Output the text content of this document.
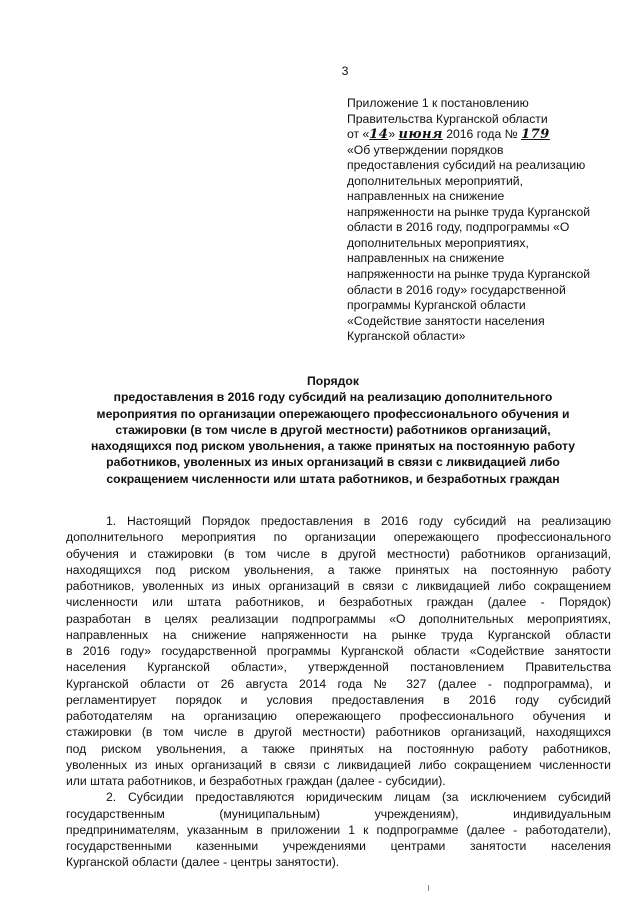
3
Приложение 1 к постановлению
Правительства Курганской области
от «14» июня 2016 года № 179
«Об утверждении порядков
предоставления субсидий на реализацию
дополнительных мероприятий,
направленных на снижение
напряженности на рынке труда Курганской
области в 2016 году, подпрограммы «О
дополнительных мероприятиях,
направленных на снижение
напряженности на рынке труда Курганской
области в 2016 году» государственной
программы Курганской области
«Содействие занятости населения
Курганской области»
Порядок
предоставления в 2016 году субсидий на реализацию дополнительного
мероприятия по организации опережающего профессионального обучения и
стажировки (в том числе в другой местности) работников организаций,
находящихся под риском увольнения, а также принятых на постоянную работу
работников, уволенных из иных организаций в связи с ликвидацией либо
сокращением численности или штата работников, и безработных граждан
1. Настоящий Порядок предоставления в 2016 году субсидий на реализацию
дополнительного мероприятия по организации опережающего профессионального
обучения и стажировки (в том числе в другой местности) работников организаций,
находящихся под риском увольнения, а также принятых на постоянную работу
работников, уволенных из иных организаций в связи с ликвидацией либо сокращением
численности или штата работников, и безработных граждан (далее - Порядок)
разработан в целях реализации подпрограммы «О дополнительных мероприятиях,
направленных на снижение напряженности на рынке труда Курганской области
в 2016 году» государственной программы Курганской области «Содействие занятости
населения Курганской области», утвержденной постановлением Правительства
Курганской области от 26 августа 2014 года № 327 (далее - подпрограмма), и
регламентирует порядок и условия предоставления в 2016 году субсидий
работодателям на организацию опережающего профессионального обучения и
стажировки (в том числе в другой местности) работников организаций, находящихся
под риском увольнения, а также принятых на постоянную работу работников,
уволенных из иных организаций в связи с ликвидацией либо сокращением численности
или штата работников, и безработных граждан (далее - субсидии).
2. Субсидии предоставляются юридическим лицам (за исключением субсидий
государственным (муниципальным) учреждениям), индивидуальным
предпринимателям, указанным в приложении 1 к подпрограмме (далее - работодатели),
государственными казенными учреждениями центрами занятости населения
Курганской области (далее - центры занятости).
